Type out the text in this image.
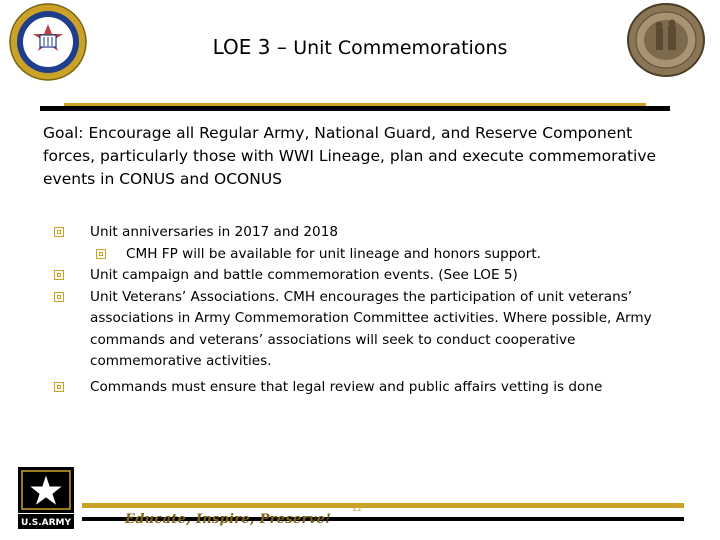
LOE 3 – Unit Commemorations
Goal: Encourage all Regular Army, National Guard, and Reserve Component forces, particularly those with WWI Lineage, plan and execute commemorative events in CONUS and OCONUS
Unit anniversaries in 2017 and 2018
CMH FP will be available for unit lineage and honors support.
Unit campaign and battle commemoration events. (See LOE 5)
Unit Veterans’ Associations. CMH encourages the participation of unit veterans’ associations in Army Commemoration Committee activities. Where possible, Army commands and veterans’ associations will seek to conduct cooperative commemorative activities.
Commands must ensure that legal review and public affairs vetting is done
U.S.ARMY
12
Educate, Inspire, Preserve!
